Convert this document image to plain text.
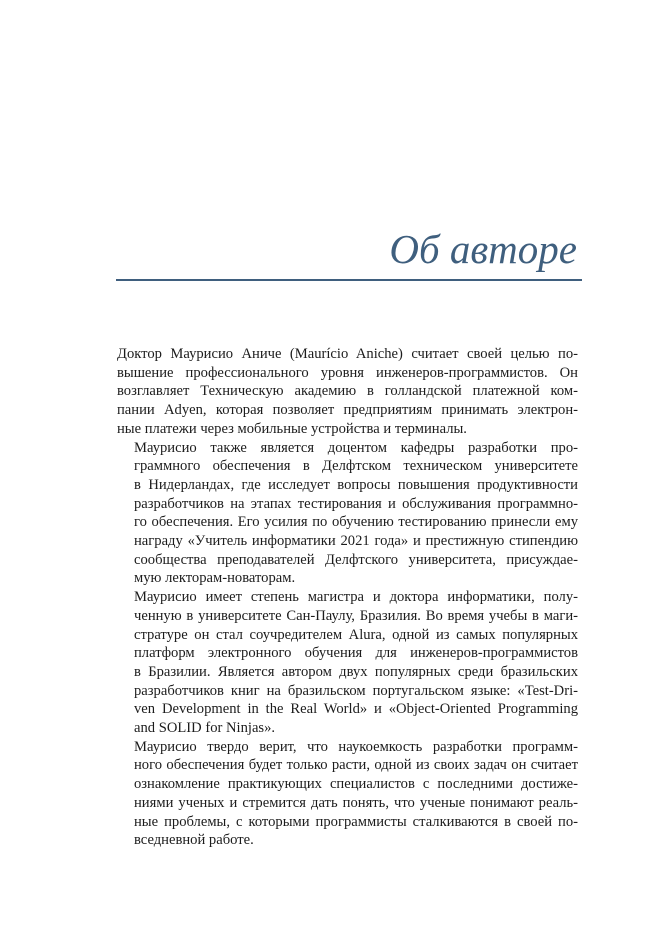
Об авторе

Доктор Маурисио Аниче (Maurício Aniche) считает своей целью по-
вышение профессионального уровня инженеров-программистов. Он
возглавляет Техническую академию в голландской платежной ком-
пании Adyen, которая позволяет предприятиям принимать электрон-
ные платежи через мобильные устройства и терминалы.

Маурисио также является доцентом кафедры разработки про-
граммного обеспечения в Делфтском техническом университете
в Нидерландах, где исследует вопросы повышения продуктивности
разработчиков на этапах тестирования и обслуживания программно-
го обеспечения. Его усилия по обучению тестированию принесли ему
награду «Учитель информатики 2021 года» и престижную стипендию
сообщества преподавателей Делфтского университета, присуждае-
мую лекторам-новаторам.

Маурисио имеет степень магистра и доктора информатики, полу-
ченную в университете Сан-Паулу, Бразилия. Во время учебы в маги-
стратуре он стал соучредителем Alura, одной из самых популярных
платформ электронного обучения для инженеров-программистов
в Бразилии. Является автором двух популярных среди бразильских
разработчиков книг на бразильском португальском языке: «Test-Dri-
ven Development in the Real World» и «Object-Oriented Programming
and SOLID for Ninjas».

Маурисио твердо верит, что наукоемкость разработки программ-
ного обеспечения будет только расти, одной из своих задач он считает
ознакомление практикующих специалистов с последними достиже-
ниями ученых и стремится дать понять, что ученые понимают реаль-
ные проблемы, с которыми программисты сталкиваются в своей по-
вседневной работе.
